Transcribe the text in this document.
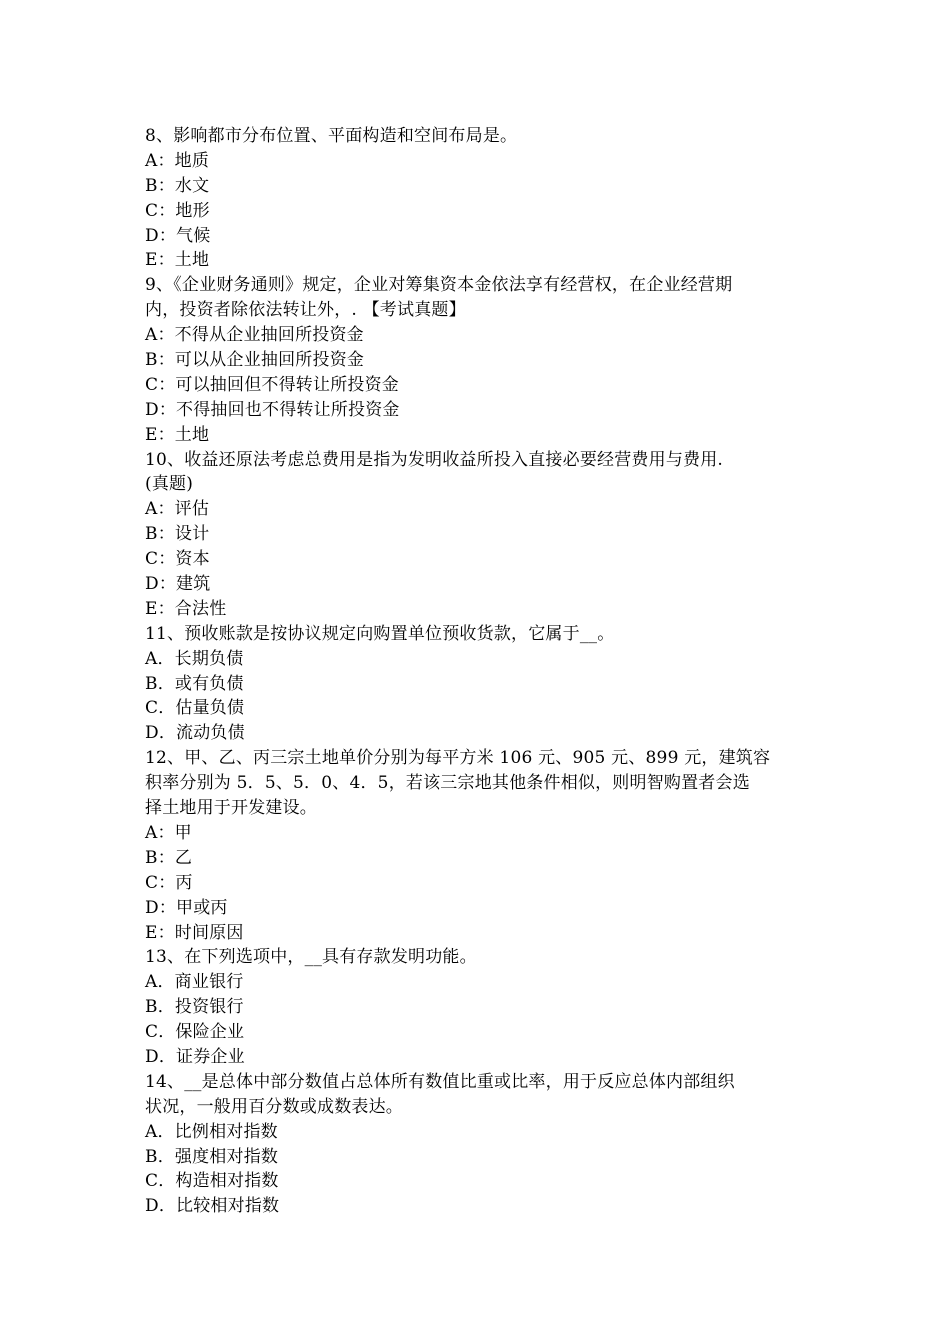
8、影响都市分布位置、平面构造和空间布局是。
A：地质
B：水文
C：地形
D：气候
E：土地
9、《企业财务通则》规定，企业对筹集资本金依法享有经营权，在企业经营期
内，投资者除依法转让外，. 【考试真题】
A：不得从企业抽回所投资金
B：可以从企业抽回所投资金
C：可以抽回但不得转让所投资金
D：不得抽回也不得转让所投资金
E：土地
10、收益还原法考虑总费用是指为发明收益所投入直接必要经营费用与费用.
(真题)
A：评估
B：设计
C：资本
D：建筑
E：合法性
11、预收账款是按协议规定向购置单位预收货款，它属于__。
A．长期负债
B．或有负债
C．估量负债
D．流动负债
12、甲、乙、丙三宗土地单价分别为每平方米 106 元、905 元、899 元，建筑容
积率分别为 5．5、5．0、4．5，若该三宗地其他条件相似，则明智购置者会选
择土地用于开发建设。
A：甲
B：乙
C：丙
D：甲或丙
E：时间原因
13、在下列选项中，__具有存款发明功能。
A．商业银行
B．投资银行
C．保险企业
D．证券企业
14、__是总体中部分数值占总体所有数值比重或比率，用于反应总体内部组织
状况，一般用百分数或成数表达。
A．比例相对指数
B．强度相对指数
C．构造相对指数
D．比较相对指数
